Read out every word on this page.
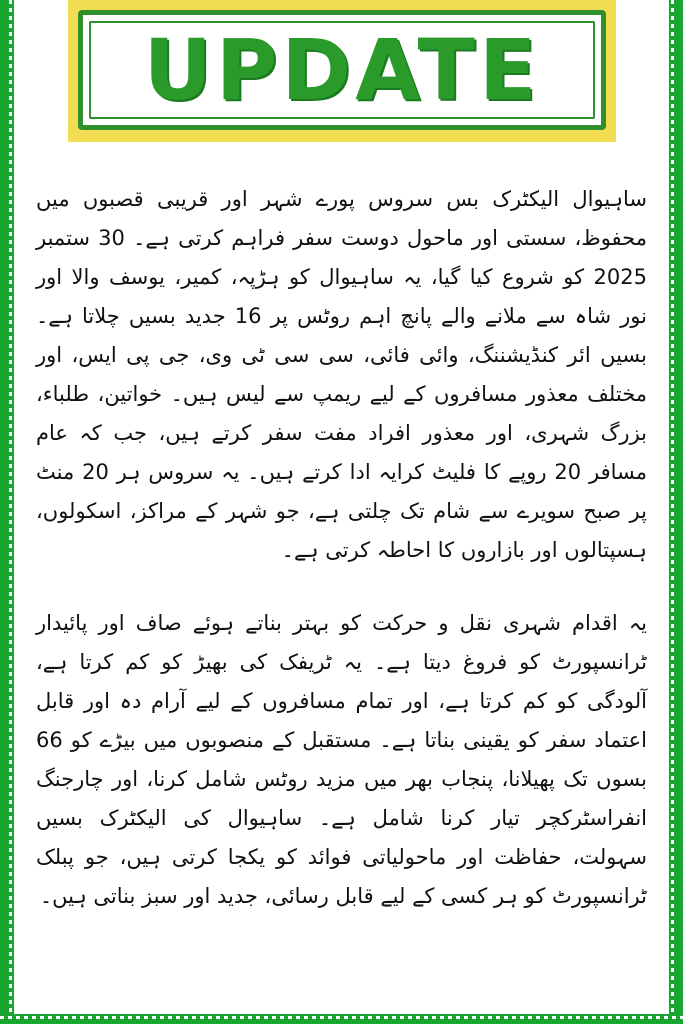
UPDATE

ساہیوال الیکٹرک بس سروس پورے شہر اور قریبی قصبوں میں محفوظ، سستی اور ماحول دوست سفر فراہم کرتی ہے۔ 30 ستمبر 2025 کو شروع کیا گیا، یہ ساہیوال کو ہڑپہ، کمیر، یوسف والا اور نور شاہ سے ملانے والے پانچ اہم روٹس پر 16 جدید بسیں چلاتا ہے۔ بسیں ائر کنڈیشننگ، وائی فائی، سی سی ٹی وی، جی پی ایس، اور مختلف معذور مسافروں کے لیے ریمپ سے لیس ہیں۔ خواتین، طلباء، بزرگ شہری، اور معذور افراد مفت سفر کرتے ہیں، جب کہ عام مسافر 20 روپے کا فلیٹ کرایہ ادا کرتے ہیں۔ یہ سروس ہر 20 منٹ پر صبح سویرے سے شام تک چلتی ہے، جو شہر کے مراکز، اسکولوں، ہسپتالوں اور بازاروں کا احاطہ کرتی ہے۔

یہ اقدام شہری نقل و حرکت کو بہتر بناتے ہوئے صاف اور پائیدار ٹرانسپورٹ کو فروغ دیتا ہے۔ یہ ٹریفک کی بھیڑ کو کم کرتا ہے، آلودگی کو کم کرتا ہے، اور تمام مسافروں کے لیے آرام دہ اور قابل اعتماد سفر کو یقینی بناتا ہے۔ مستقبل کے منصوبوں میں بیڑے کو 66 بسوں تک پھیلانا، پنجاب بھر میں مزید روٹس شامل کرنا، اور چارجنگ انفراسٹرکچر تیار کرنا شامل ہے۔ ساہیوال کی الیکٹرک بسیں سہولت، حفاظت اور ماحولیاتی فوائد کو یکجا کرتی ہیں، جو پبلک ٹرانسپورٹ کو ہر کسی کے لیے قابل رسائی، جدید اور سبز بناتی ہیں۔
